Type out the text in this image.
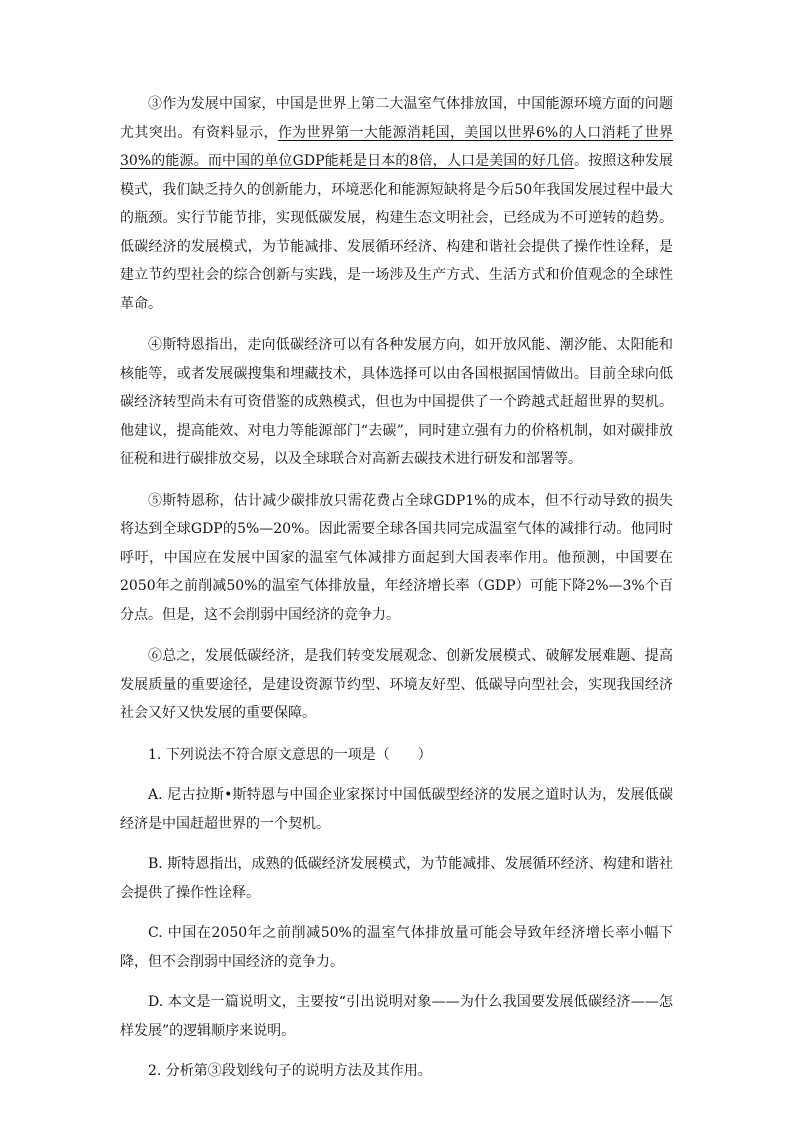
③作为发展中国家，中国是世界上第二大温室气体排放国，中国能源环境方面的问题尤其突出。有资料显示，作为世界第一大能源消耗国，美国以世界6%的人口消耗了世界30%的能源。而中国的单位GDP能耗是日本的8倍，人口是美国的好几倍。按照这种发展模式，我们缺乏持久的创新能力，环境恶化和能源短缺将是今后50年我国发展过程中最大的瓶颈。实行节能节排，实现低碳发展，构建生态文明社会，已经成为不可逆转的趋势。低碳经济的发展模式，为节能减排、发展循环经济、构建和谐社会提供了操作性诠释，是建立节约型社会的综合创新与实践，是一场涉及生产方式、生活方式和价值观念的全球性革命。

④斯特恩指出，走向低碳经济可以有各种发展方向，如开放风能、潮汐能、太阳能和核能等，或者发展碳搜集和埋藏技术，具体选择可以由各国根据国情做出。目前全球向低碳经济转型尚未有可资借鉴的成熟模式，但也为中国提供了一个跨越式赶超世界的契机。他建议，提高能效、对电力等能源部门“去碳”，同时建立强有力的价格机制，如对碳排放征税和进行碳排放交易，以及全球联合对高新去碳技术进行研发和部署等。

⑤斯特恩称，估计减少碳排放只需花费占全球GDP1%的成本，但不行动导致的损失将达到全球GDP的5%—20%。因此需要全球各国共同完成温室气体的减排行动。他同时呼吁，中国应在发展中国家的温室气体减排方面起到大国表率作用。他预测，中国要在2050年之前削减50%的温室气体排放量，年经济增长率（GDP）可能下降2%—3%个百分点。但是，这不会削弱中国经济的竞争力。

⑥总之，发展低碳经济，是我们转变发展观念、创新发展模式、破解发展难题、提高发展质量的重要途径，是建设资源节约型、环境友好型、低碳导向型社会，实现我国经济社会又好又快发展的重要保障。

1. 下列说法不符合原文意思的一项是（　　）

A. 尼古拉斯•斯特恩与中国企业家探讨中国低碳型经济的发展之道时认为，发展低碳经济是中国赶超世界的一个契机。

B. 斯特恩指出，成熟的低碳经济发展模式，为节能减排、发展循环经济、构建和谐社会提供了操作性诠释。

C. 中国在2050年之前削减50%的温室气体排放量可能会导致年经济增长率小幅下降，但不会削弱中国经济的竞争力。

D. 本文是一篇说明文，主要按“引出说明对象——为什么我国要发展低碳经济——怎样发展”的逻辑顺序来说明。

2. 分析第③段划线句子的说明方法及其作用。
